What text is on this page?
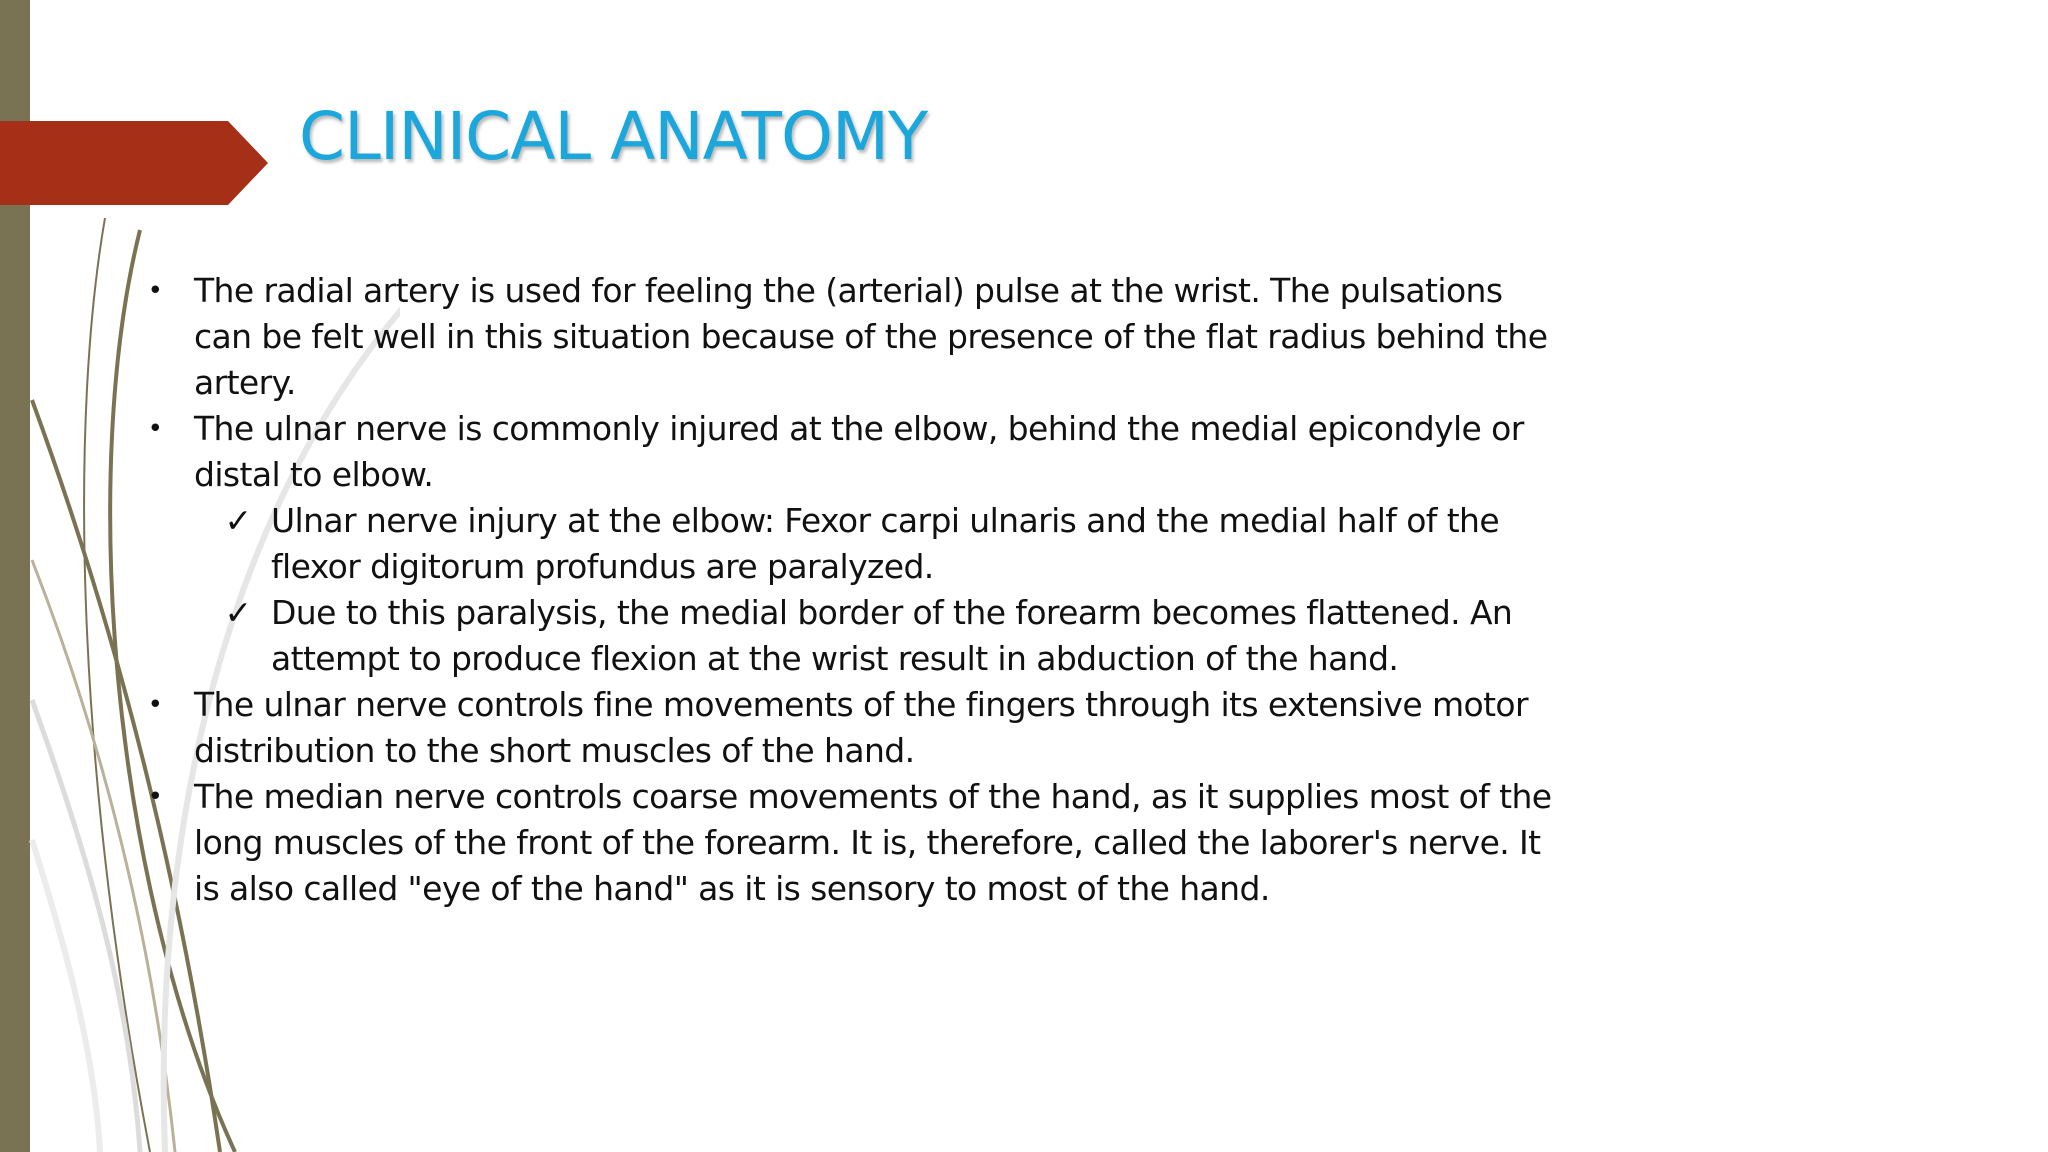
CLINICAL ANATOMY

• The radial artery is used for feeling the (arterial) pulse at the wrist. The pulsations can be felt well in this situation because of the presence of the flat radius behind the artery.

• The ulnar nerve is commonly injured at the elbow, behind the medial epicondyle or distal to elbow.

✓ Ulnar nerve injury at the elbow: Fexor carpi ulnaris and the medial half of the flexor digitorum profundus are paralyzed.

✓ Due to this paralysis, the medial border of the forearm becomes flattened. An attempt to produce flexion at the wrist result in abduction of the hand.

• The ulnar nerve controls fine movements of the fingers through its extensive motor distribution to the short muscles of the hand.

• The median nerve controls coarse movements of the hand, as it supplies most of the long muscles of the front of the forearm. It is, therefore, called the laborer's nerve. It is also called "eye of the hand" as it is sensory to most of the hand.
